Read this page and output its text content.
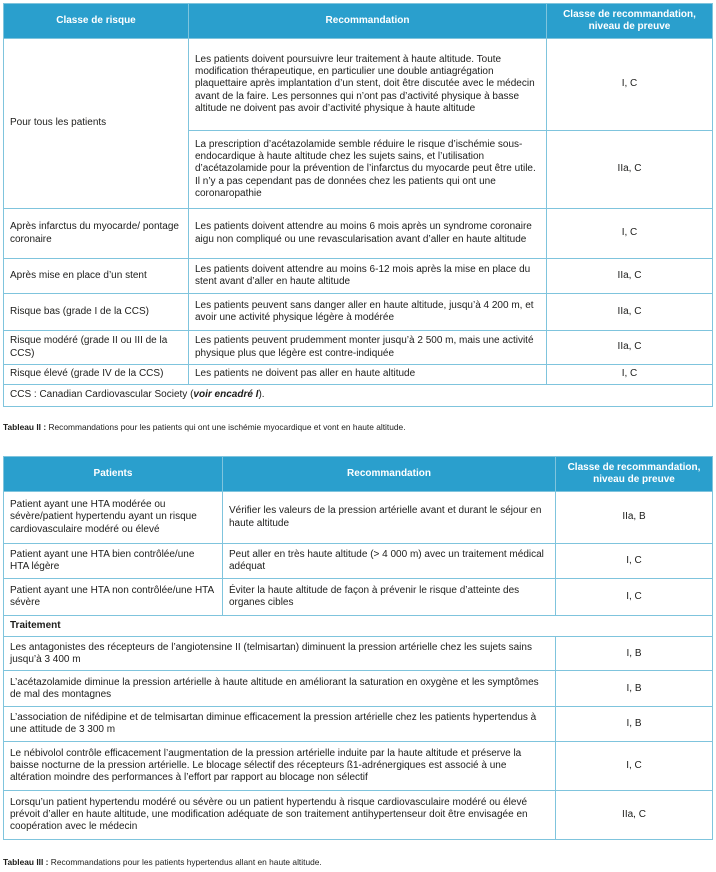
Classe de risque	Recommandation	Classe de recommandation, niveau de preuve
Pour tous les patients	Les patients doivent poursuivre leur traitement à haute altitude. Toute modification thérapeutique, en particulier une double antiagrégation plaquettaire après implantation d’un stent, doit être discutée avec le médecin avant de la faire. Les personnes qui n’ont pas d’activité physique à basse altitude ne doivent pas avoir d’activité physique à haute altitude	I, C
	La prescription d’acétazolamide semble réduire le risque d’ischémie sous-endocardique à haute altitude chez les sujets sains, et l’utilisation d’acétazolamide pour la prévention de l’infarctus du myocarde peut être utile. Il n’y a pas cependant pas de données chez les patients qui ont une coronaropathie	IIa, C
Après infarctus du myocarde/ pontage coronaire	Les patients doivent attendre au moins 6 mois après un syndrome coronaire aigu non compliqué ou une revascularisation avant d’aller en haute altitude	I, C
Après mise en place d’un stent	Les patients doivent attendre au moins 6-12 mois après la mise en place du stent avant d’aller en haute altitude	IIa, C
Risque bas (grade I de la CCS)	Les patients peuvent sans danger aller en haute altitude, jusqu’à 4 200 m, et avoir une activité physique légère à modérée	IIa, C
Risque modéré (grade II ou III de la CCS)	Les patients peuvent prudemment monter jusqu’à 2 500 m, mais une activité physique plus que légère est contre-indiquée	IIa, C
Risque élevé (grade IV de la CCS)	Les patients ne doivent pas aller en haute altitude	I, C
CCS : Canadian Cardiovascular Society (voir encadré I).		
Tableau II : Recommandations pour les patients qui ont une ischémie myocardique et vont en haute altitude.
Patients	Recommandation	Classe de recommandation, niveau de preuve
Patient ayant une HTA modérée ou sévère/patient hypertendu ayant un risque cardiovasculaire modéré ou élevé	Vérifier les valeurs de la pression artérielle avant et durant le séjour en haute altitude	IIa, B
Patient ayant une HTA bien contrôlée/une HTA légère	Peut aller en très haute altitude (> 4 000 m) avec un traitement médical adéquat	I, C
Patient ayant une HTA non contrôlée/une HTA sévère	Éviter la haute altitude de façon à prévenir le risque d’atteinte des organes cibles	I, C
Traitement		
Les antagonistes des récepteurs de l’angiotensine II (telmisartan) diminuent la pression artérielle chez les sujets sains jusqu’à 3 400 m		I, B
L’acétazolamide diminue la pression artérielle à haute altitude en améliorant la saturation en oxygène et les symptômes de mal des montagnes		I, B
L’association de nifédipine et de telmisartan diminue efficacement la pression artérielle chez les patients hypertendus à une attitude de 3 300 m		I, B
Le nébivolol contrôle efficacement l’augmentation de la pression artérielle induite par la haute altitude et préserve la baisse nocturne de la pression artérielle. Le blocage sélectif des récepteurs ß1-adrénergiques est associé à une altération moindre des performances à l’effort par rapport au blocage non sélectif		I, C
Lorsqu’un patient hypertendu modéré ou sévère ou un patient hypertendu à risque cardiovasculaire modéré ou élevé prévoit d’aller en haute altitude, une modification adéquate de son traitement antihypertenseur doit être envisagée en coopération avec le médecin		IIa, C
Tableau III : Recommandations pour les patients hypertendus allant en haute altitude.
